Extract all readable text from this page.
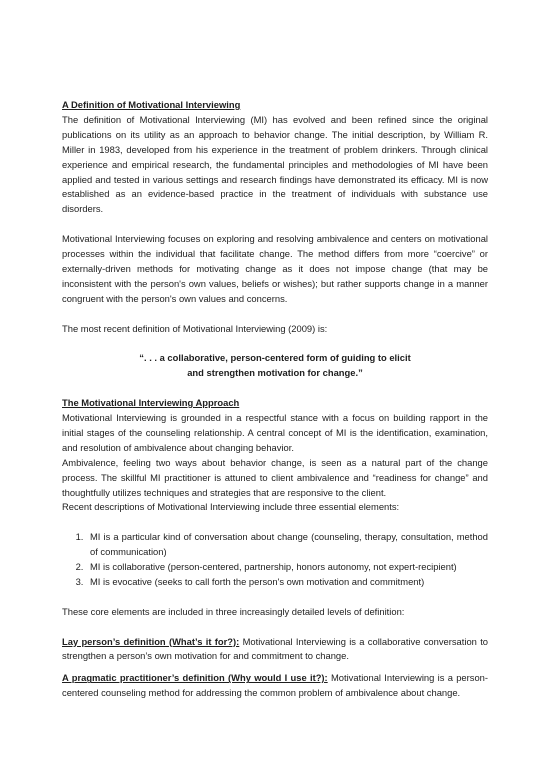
A Definition of Motivational Interviewing

The definition of Motivational Interviewing (MI) has evolved and been refined since the original publications on its utility as an approach to behavior change. The initial description, by William R. Miller in 1983, developed from his experience in the treatment of problem drinkers. Through clinical experience and empirical research, the fundamental principles and methodologies of MI have been applied and tested in various settings and research findings have demonstrated its efficacy. MI is now established as an evidence-based practice in the treatment of individuals with substance use disorders.

Motivational Interviewing focuses on exploring and resolving ambivalence and centers on motivational processes within the individual that facilitate change. The method differs from more “coercive” or externally-driven methods for motivating change as it does not impose change (that may be inconsistent with the person's own values, beliefs or wishes); but rather supports change in a manner congruent with the person's own values and concerns.

The most recent definition of Motivational Interviewing (2009) is:

“. . . a collaborative, person-centered form of guiding to elicit

and strengthen motivation for change.”

The Motivational Interviewing Approach

Motivational Interviewing is grounded in a respectful stance with a focus on building rapport in the initial stages of the counseling relationship. A central concept of MI is the identification, examination, and resolution of ambivalence about changing behavior.

Ambivalence, feeling two ways about behavior change, is seen as a natural part of the change process. The skillful MI practitioner is attuned to client ambivalence and “readiness for change” and thoughtfully utilizes techniques and strategies that are responsive to the client.

Recent descriptions of Motivational Interviewing include three essential elements:

1. MI is a particular kind of conversation about change (counseling, therapy, consultation, method of communication)
2. MI is collaborative (person-centered, partnership, honors autonomy, not expert-recipient)
3. MI is evocative (seeks to call forth the person's own motivation and commitment)

These core elements are included in three increasingly detailed levels of definition:

Lay person’s definition (What’s it for?): Motivational Interviewing is a collaborative conversation to strengthen a person’s own motivation for and commitment to change.

A pragmatic practitioner’s definition (Why would I use it?): Motivational Interviewing is a person-centered counseling method for addressing the common problem of ambivalence about change.
